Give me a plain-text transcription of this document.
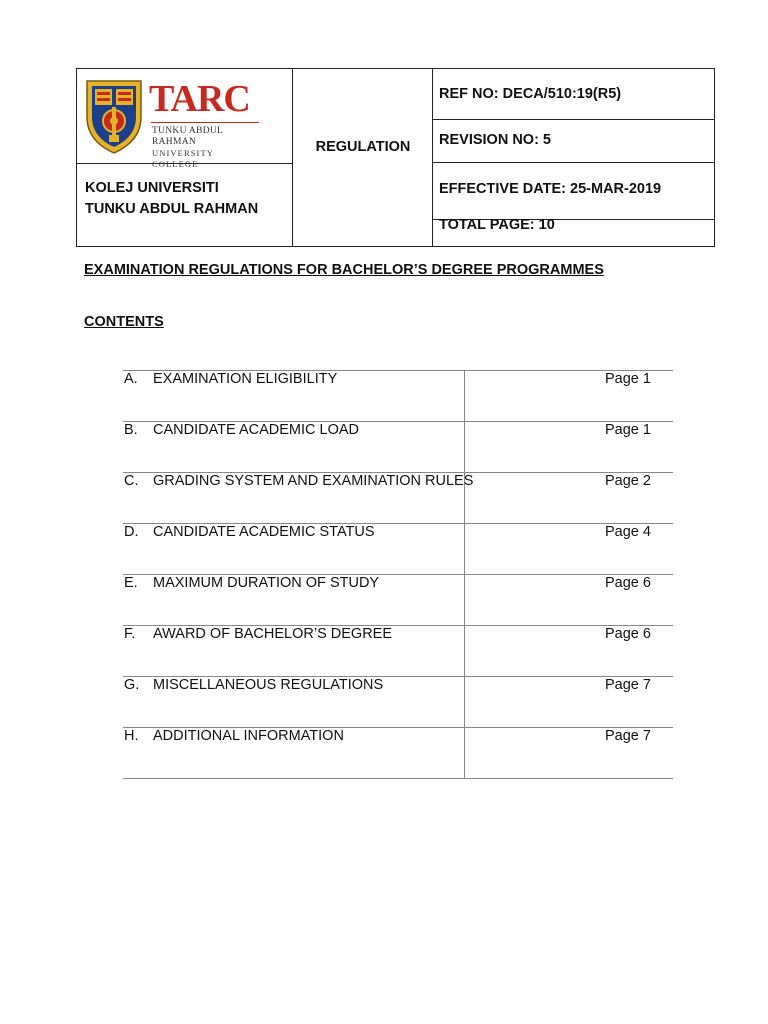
TARC
TUNKU ABDUL RAHMAN
UNIVERSITY COLLEGE
KOLEJ UNIVERSITI
TUNKU ABDUL RAHMAN
REGULATION
REF NO: DECA/510:19(R5)
REVISION NO: 5
EFFECTIVE DATE: 25-MAR-2019
TOTAL PAGE: 10
EXAMINATION REGULATIONS FOR BACHELOR’S DEGREE PROGRAMMES
CONTENTS
A. EXAMINATION ELIGIBILITY	Page 1
B. CANDIDATE ACADEMIC LOAD	Page 1
C. GRADING SYSTEM AND EXAMINATION RULES	Page 2
D. CANDIDATE ACADEMIC STATUS	Page 4
E. MAXIMUM DURATION OF STUDY	Page 6
F. AWARD OF BACHELOR’S DEGREE	Page 6
G. MISCELLANEOUS REGULATIONS	Page 7
H. ADDITIONAL INFORMATION	Page 7
